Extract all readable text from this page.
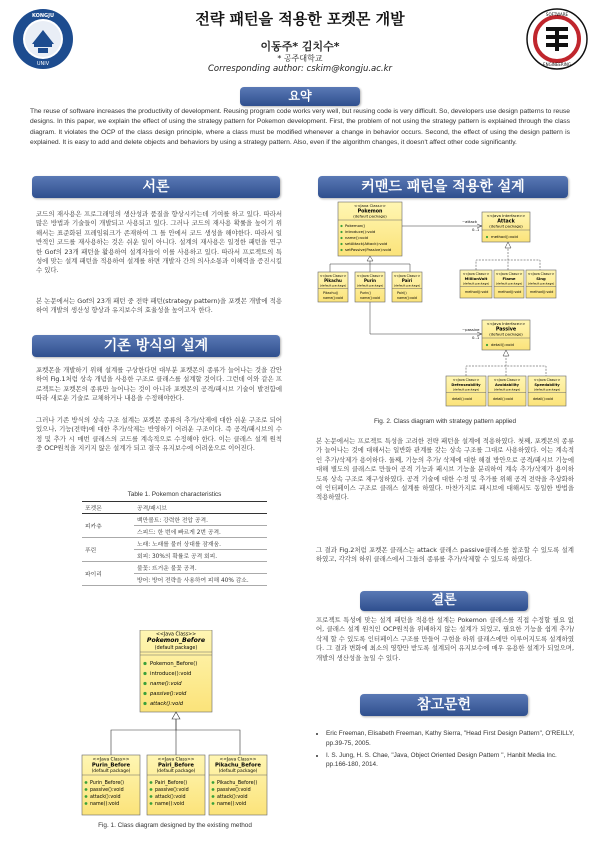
전략 패턴을 적용한 포켓몬 개발
이동주* 김치수*
* 공주대학교
Corresponding author: cskim@kongju.ac.kr
KONGJU
UNIV
SOFTWARE
ENGINEERING
요약
The reuse of software increases the productivity of development. Reusing program code works very well, but reusing code is very difficult. So, developers use design patterns to reuse designs. In this paper, we explain the effect of using the strategy pattern for Pokemon development. First, the problem of not using the strategy pattern is explained through the class diagram. It violates the OCP of the class design principle, where a class must be modified whenever a change in behavior occurs. Second, the effect of using the design pattern is explained. It is easy to add and delete objects and behaviors by using a strategy pattern. Also, even if the algorithm changes, it doesn't affect other code significantly.
서론
코드의 재사용은 프로그래밍의 생산성과 품질을 향상시키는데 기여를 하고 있다. 따라서 많은 방법과 기술들이 개발되고 사용되고 있다. 그러나 코드의 재사용 확률을 높이기 위해서는 표준화된 프레임워크가 존재하여 그 틀 안에서 코드 생성을 해야한다. 따라서 일반적인 코드를 재사용하는 것은 쉬운 일이 아니다. 설계의 재사용은 일정한 패턴을 연구한 Gof의 23개 패턴을 활용하여 설계자들이 이를 사용하고 있다. 따라서 프로젝트의 특성에 맞는 설계 패턴을 적용하여 설계를 하면 개발자 간의 의사소통과 이해력을 증진시킬 수 있다.
본 논문에서는 Gof의 23개 패턴 중 전략 패턴(strategy pattern)을 포켓몬 개발에 적용하여 개발의 생산성 향상과 유지보수의 효율성을 높이고자 한다.
기존 방식의 설계
포켓몬을 개발하기 위해 설계를 구상한다면 대부분 포켓몬의 종류가 늘어나는 것을 감안하여 Fig.1처럼 상속 개념을 사용한 구조로 클래스를 설계할 것이다. 그런데 이와 같은 프로젝트는 포켓몬의 종류만 늘어나는 것이 아니라 포켓몬의 공격/패시브 기술이 발전함에 따라 새로운 기술로 교체하거나 내용을 수정해야한다.
그러나 기존 방식의 상속 구조 설계는 포켓몬 종류의 추가/삭제에 대한 쉬운 구조로 되어 있으나, 기능(전략)에 대한 추가/삭제는 반영하기 어려운 구조이다. 즉 공격/패시브의 수정 및 추가 시 매번 클래스의 코드를 계속적으로 수정해야 한다. 이는 클래스 설계 원칙 중 OCP원칙을 지키지 않은 설계가 되고 결국 유지보수에 어려움으로 이어진다.
Table 1. Pokemon characteristics
포켓몬	공격/패시브
피카츄	백만볼트: 강력한 전압 공격.
	스피드: 한 번에 빠르게 2번 공격.
푸린	노래: 노래를 불러 상대를 잠재움.
	회피: 30%의 확률로 공격 회피.
파이리	불꽃: 뜨거운 불꽃 공격.
	방어: 방어 전략을 사용하여 피해 40% 감소.
<<Java Class>>
Pokemon_Before
(default package)
Pokemon_Before()
introduce():void
name():void
passive():void
attack():void
<<Java Class>>
Purin_Before
(default package)
Purin_Before()
passive():void
attack():void
name():void
<<Java Class>>
Pairi_Before
(default package)
Pairi_Before()
passive():void
attack():void
name():void
<<Java Class>>
Pikachu_Before
(default package)
Pikachu_Before()
passive():void
attack():void
name():void
Fig. 1. Class diagram designed by the existing method
커맨드 패턴을 적용한 설계
<<Java Class>>
Pokemon
(default package)
Pokemon()
introduce():void
name():void
setAttack(Attack):void
setPassive(Passive):void
<<Java Interface>>
Attack
(default package)
method():void
~attack
0..1
<<Java Class>>
Pikachu
(default package)
Pikachu()
name():void
<<Java Class>>
Purin
(default package)
Purin()
name():void
<<Java Class>>
Pairi
(default package)
Pairi()
name():void
<<Java Class>>
MillionVolt
(default package)
method():void
<<Java Class>>
Flame
(default package)
method():void
<<Java Class>>
Sing
(default package)
method():void
~passive
0..1
<<Java Interface>>
Passive
(default package)
detail():void
<<Java Class>>
Defenseability
(default package)
detail():void
<<Java Class>>
Avoidability
(default package)
detail():void
<<Java Class>>
Speedability
(default package)
detail():void
Fig. 2. Class diagram with strategy pattern applied
본 논문에서는 프로젝트 특성을 고려한 전략 패턴을 설계에 적용하였다. 첫째, 포켓몬의 종류가 늘어나는 것에 대해서는 일반화 관계를 갖는 상속 구조를 그대로 사용하였다. 이는 계속적인 추가/삭제가 용이하다. 둘째, 기능의 추가/ 삭제에 대한 해결 방안으로 공격/패시브 기능에 대해 별도의 클래스로 만들어 공격 기능과 패시브 기능을 분리하여 계속 추가/삭제가 용이하도록 상속 구조로 재구성하였다. 공격 기술에 대한 수정 및 추가를 위해 공격 전략을 추상화하여 인터페이스 구조로 클래스 설계를 하였다. 마찬가지로 패시브에 대해서도 동일한 방법을 적용하였다.
그 결과 Fig.2처럼 포켓몬 클래스는 attack 클래스 passive클래스를 참조할 수 있도록 설계하였고, 각각의 하위 클래스에서 그들의 종류를 추가/삭제할 수 있도록 하였다.
결론
프로젝트 특성에 맞는 설계 패턴을 적용한 설계는 Pokemon 클래스를 직접 수정할 필요 없어, 클래스 설계 원칙인 OCP원칙을 위배하지 않는 설계가 되었고, 필요한 기능을 쉽게 추가/삭제 할 수 있도록 인터페이스 구조를 만들어 구현을 하위 클래스에만 이루어지도록 설계하였다. 그 결과 변화에 최소의 영향만 받도록 설계되어 유지보수에 매우 유용한 설계가 되었으며, 개발의 생산성을 높일 수 있다.
참고문헌
• Eric Freeman, Elisabeth Freeman, Kathy Sierra, "Head First Design Pattern", O'REILLY, pp.39-75, 2005.
• I. S. Jung, H. S. Chae, "Java, Object Oriented Design Pattern ", Hanbit Media Inc. pp.166-180, 2014.
